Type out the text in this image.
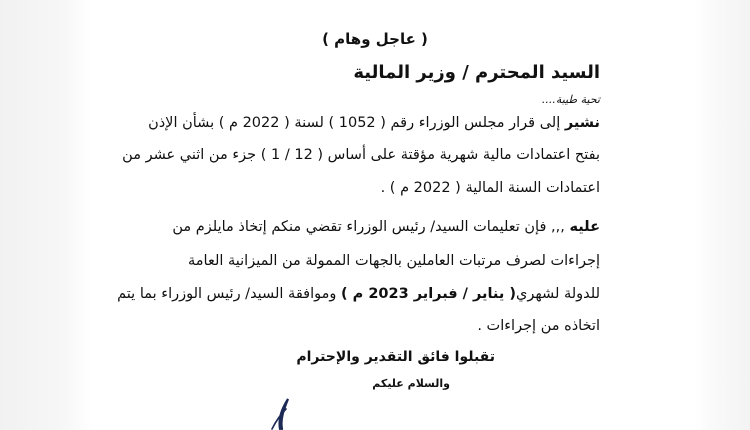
( عاجل وهام )
السيد المحترم / وزير المالية
تحية طيبة....
نشير إلى قرار مجلس الوزراء رقم ( 1052 ) لسنة ( 2022 م ) بشأن الإذن
بفتح اعتمادات مالية شهرية مؤقتة على أساس ( 12 / 1 ) جزء من اثني عشر من
اعتمادات السنة المالية ( 2022 م ) .
عليه ,,, فإن تعليمات السيد/ رئيس الوزراء تقضي منكم إتخاذ مايلزم من
إجراءات لصرف مرتبات العاملين بالجهات الممولة من الميزانية العامة
للدولة لشهري( يناير / فبراير 2023 م ) وموافقة السيد/ رئيس الوزراء بما يتم
اتخاذه من إجراءات .
تقبلوا فائق التقدير والإحترام
والسلام عليكم
